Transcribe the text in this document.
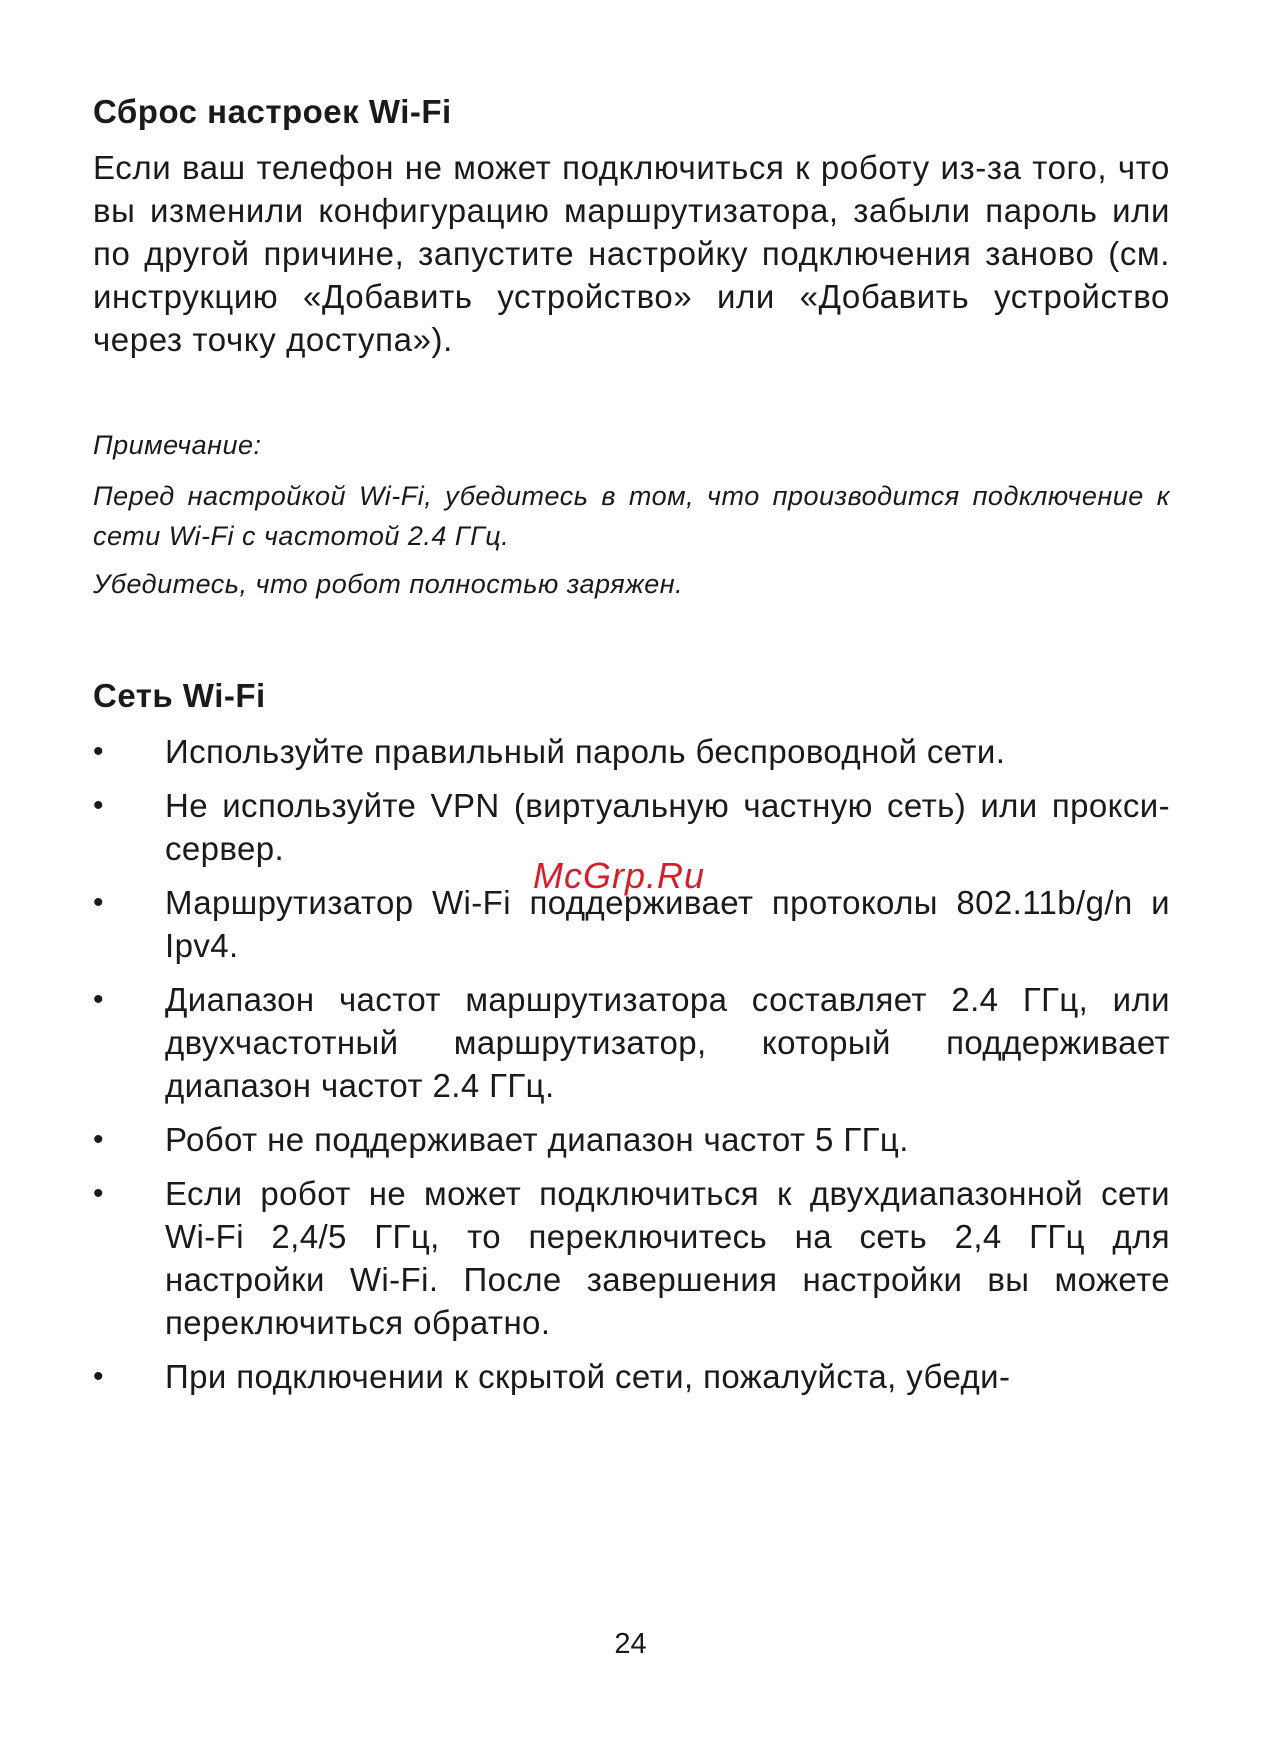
Сброс настроек Wi-Fi

Если ваш телефон не может подключиться к роботу из-за того, что вы изменили конфигурацию маршрутизатора, забыли пароль или по другой причине, запустите настройку подключения заново (см. инструкцию «Добавить устройство» или «Добавить устройство через точку доступа»).

Примечание:

Перед настройкой Wi-Fi, убедитесь в том, что производится подключение к сети Wi-Fi с частотой 2.4 ГГц.

Убедитесь, что робот полностью заряжен.

Сеть Wi-Fi
• Используйте правильный пароль беспроводной сети.
• Не используйте VPN (виртуальную частную сеть) или прокси-сервер.
• Маршрутизатор Wi-Fi поддерживает протоколы 802.11b/g/n и Ipv4.
• Диапазон частот маршрутизатора составляет 2.4 ГГц, или двухчастотный маршрутизатор, который поддерживает диапазон частот 2.4 ГГц.
• Робот не поддерживает диапазон частот 5 ГГц.
• Если робот не может подключиться к двухдиапазонной сети Wi-Fi 2,4/5 ГГц, то переключитесь на сеть 2,4 ГГц для настройки Wi-Fi. После завершения настройки вы можете переключиться обратно.
• При подключении к скрытой сети, пожалуйста, убеди-
McGrp.Ru
24
